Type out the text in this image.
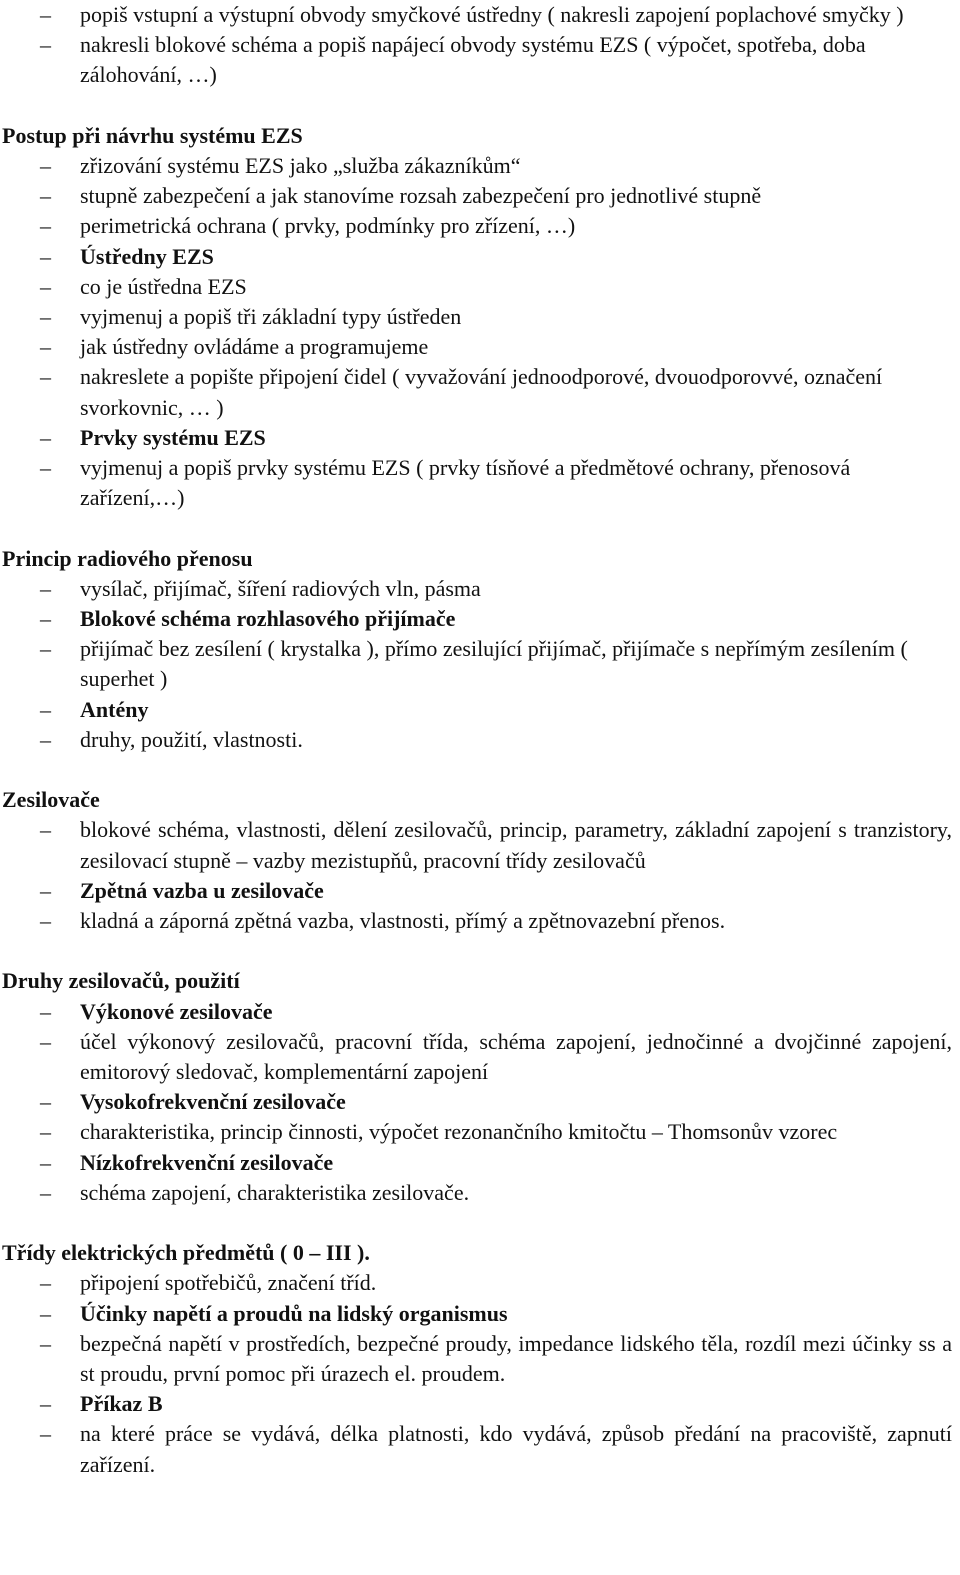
–	popiš vstupní a výstupní obvody smyčkové ústředny ( nakresli zapojení poplachové smyčky )
–	nakresli blokové schéma a popiš napájecí obvody systému EZS ( výpočet, spotřeba, doba zálohování, …)
Postup při návrhu systému EZS
–	zřizování systému EZS jako „služba zákazníkům“
–	stupně zabezpečení a jak stanovíme rozsah zabezpečení pro jednotlivé stupně
–	perimetrická ochrana ( prvky, podmínky pro zřízení, …)
–	Ústředny EZS
–	co je ústředna EZS
–	vyjmenuj a popiš tři základní typy ústředen
–	jak ústředny ovládáme a programujeme
–	nakreslete a popište připojení čidel ( vyvažování jednoodporové, dvouodporovvé, označení svorkovnic, … )
–	Prvky systému EZS
–	vyjmenuj a popiš prvky systému EZS ( prvky tísňové a předmětové ochrany, přenosová zařízení,…)
Princip radiového přenosu
–	vysílač, přijímač, šíření radiových vln, pásma
–	Blokové schéma rozhlasového přijímače
–	přijímač bez zesílení ( krystalka ), přímo zesilující přijímač, přijímače s nepřímým zesílením ( superhet )
–	Antény
–	druhy, použití, vlastnosti.
Zesilovače
–	blokové schéma, vlastnosti, dělení zesilovačů, princip, parametry, základní zapojení s tranzistory, zesilovací stupně – vazby mezistupňů, pracovní třídy zesilovačů
–	Zpětná vazba u zesilovače
–	kladná a záporná zpětná vazba, vlastnosti, přímý a zpětnovazební přenos.
Druhy zesilovačů, použití
–	Výkonové zesilovače
–	účel výkonový zesilovačů, pracovní třída, schéma zapojení, jednočinné a dvojčinné zapojení, emitorový sledovač, komplementární zapojení
–	Vysokofrekvenční zesilovače
–	charakteristika, princip činnosti, výpočet rezonančního kmitočtu – Thomsonův vzorec
–	Nízkofrekvenční zesilovače
–	schéma zapojení, charakteristika zesilovače.
Třídy elektrických předmětů ( 0 – III ).
–	připojení spotřebičů, značení tříd.
–	Účinky napětí a proudů na lidský organismus
–	bezpečná napětí v prostředích, bezpečné proudy, impedance lidského těla, rozdíl mezi účinky ss a st proudu, první pomoc při úrazech el. proudem.
–	Příkaz B
–	na které práce se vydává, délka platnosti, kdo vydává, způsob předání na pracoviště, zapnutí zařízení.
